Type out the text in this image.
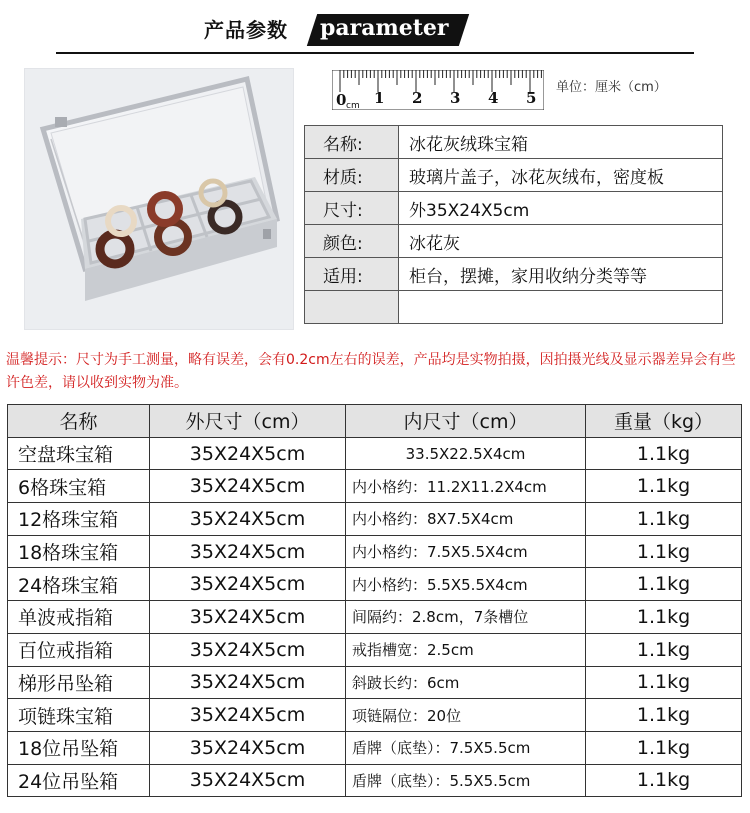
产品参数 parameter
0 1 2 3 4 5
cm
单位：厘米（cm）
名称:	冰花灰绒珠宝箱
材质:	玻璃片盖子，冰花灰绒布，密度板
尺寸:	外35X24X5cm
颜色:	冰花灰
适用:	柜台，摆摊，家用收纳分类等等

温馨提示：尺寸为手工测量，略有误差，会有0.2cm左右的误差，产品均是实物拍摄，因拍摄光线及显示器差异会有些许色差，请以收到实物为准。

名称	外尺寸（cm）	内尺寸（cm）	重量（kg）
空盘珠宝箱	35X24X5cm	33.5X22.5X4cm	1.1kg
6格珠宝箱	35X24X5cm	内小格约：11.2X11.2X4cm	1.1kg
12格珠宝箱	35X24X5cm	内小格约：8X7.5X4cm	1.1kg
18格珠宝箱	35X24X5cm	内小格约：7.5X5.5X4cm	1.1kg
24格珠宝箱	35X24X5cm	内小格约：5.5X5.5X4cm	1.1kg
单波戒指箱	35X24X5cm	间隔约：2.8cm，7条槽位	1.1kg
百位戒指箱	35X24X5cm	戒指槽宽：2.5cm	1.1kg
梯形吊坠箱	35X24X5cm	斜跛长约：6cm	1.1kg
项链珠宝箱	35X24X5cm	项链隔位：20位	1.1kg
18位吊坠箱	35X24X5cm	盾牌（底垫）：7.5X5.5cm	1.1kg
24位吊坠箱	35X24X5cm	盾牌（底垫）：5.5X5.5cm	1.1kg
